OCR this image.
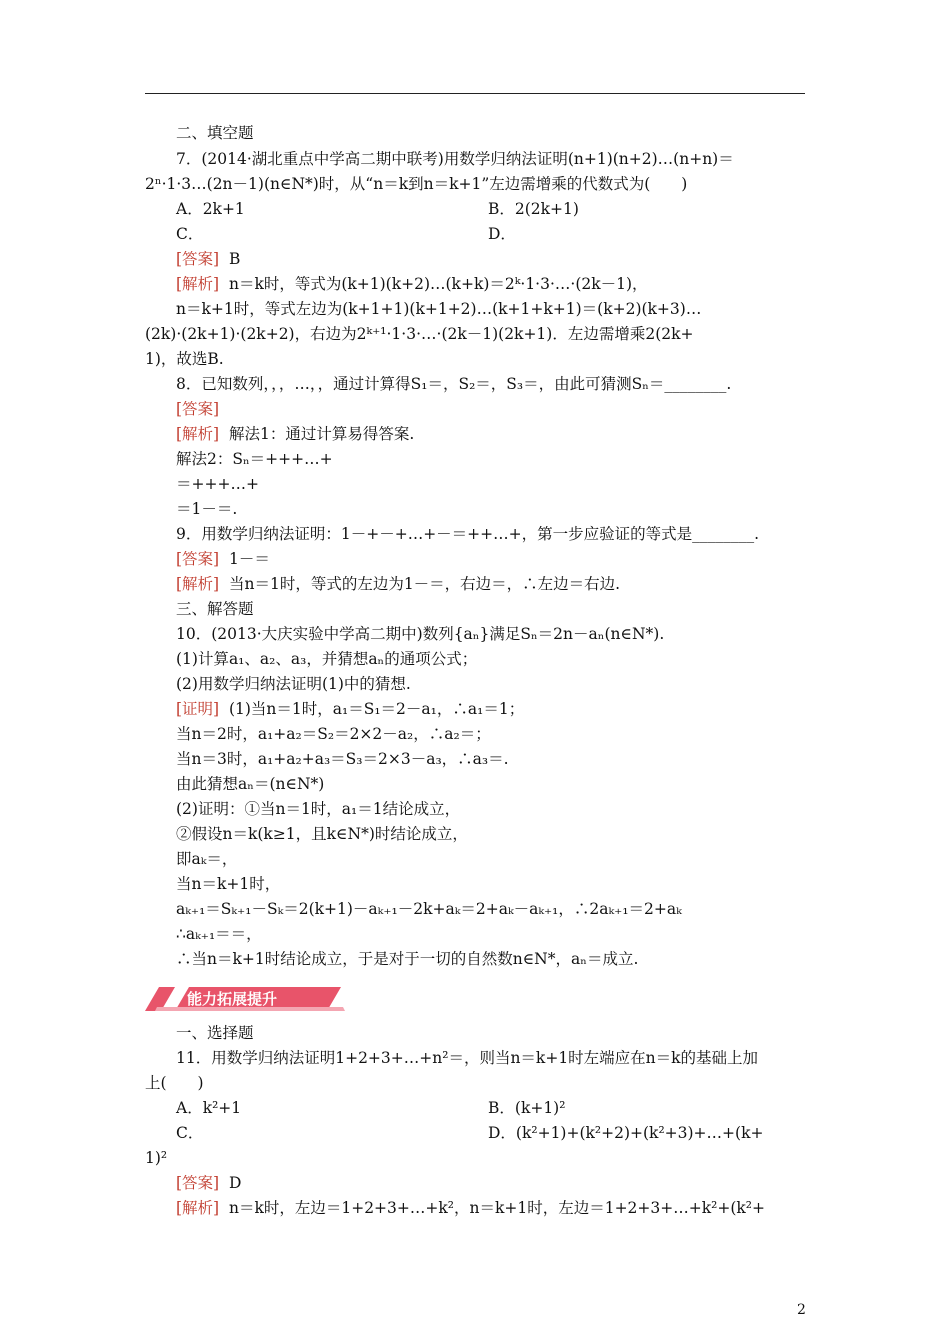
二、填空题
7．(2014·湖北重点中学高二期中联考)用数学归纳法证明(n+1)(n+2)…(n+n)＝
2ⁿ·1·3…(2n－1)(n∈N*)时，从“n＝k到n＝k+1”左边需增乘的代数式为(　　)
A．2k+1	B．2(2k+1)
C．	D．
[答案] B
[解析] n＝k时，等式为(k+1)(k+2)…(k+k)＝2ᵏ·1·3·…·(2k－1)，
n＝k+1时，等式左边为(k+1+1)(k+1+2)…(k+1+k+1)＝(k+2)(k+3)…
(2k)·(2k+1)·(2k+2)，右边为2ᵏ⁺¹·1·3·…·(2k－1)(2k+1)．左边需增乘2(2k+
1)，故选B.
8．已知数列，，，…，，通过计算得S₁＝，S₂＝，S₃＝，由此可猜测Sₙ＝________.
[答案]
[解析] 解法1：通过计算易得答案.
解法2：Sₙ＝+++…+
＝+++…+
＝1－＝.
9．用数学归纳法证明：1－+－+…+－＝++…+，第一步应验证的等式是________.
[答案] 1－＝
[解析] 当n＝1时，等式的左边为1－＝，右边＝，∴左边＝右边.
三、解答题
10．(2013·大庆实验中学高二期中)数列{aₙ}满足Sₙ＝2n－aₙ(n∈N*).
(1)计算a₁、a₂、a₃，并猜想aₙ的通项公式；
(2)用数学归纳法证明(1)中的猜想.
[证明] (1)当n＝1时，a₁＝S₁＝2－a₁，∴a₁＝1；
当n＝2时，a₁+a₂＝S₂＝2×2－a₂，∴a₂＝；
当n＝3时，a₁+a₂+a₃＝S₃＝2×3－a₃，∴a₃＝.
由此猜想aₙ＝(n∈N*)
(2)证明：①当n＝1时，a₁＝1结论成立，
②假设n＝k(k≥1，且k∈N*)时结论成立，
即aₖ＝，
当n＝k+1时，
aₖ₊₁＝Sₖ₊₁－Sₖ＝2(k+1)－aₖ₊₁－2k+aₖ＝2+aₖ－aₖ₊₁，∴2aₖ₊₁＝2+aₖ
∴aₖ₊₁＝＝，
∴当n＝k+1时结论成立，于是对于一切的自然数n∈N*，aₙ＝成立.
能力拓展提升
一、选择题
11．用数学归纳法证明1+2+3+…+n²＝，则当n＝k+1时左端应在n＝k的基础上加
上(　　)
A．k²+1	B．(k+1)²
C．	D．(k²+1)+(k²+2)+(k²+3)+…+(k+
1)²
[答案] D
[解析] n＝k时，左边＝1+2+3+…+k²，n＝k+1时，左边＝1+2+3+…+k²+(k²+
2
